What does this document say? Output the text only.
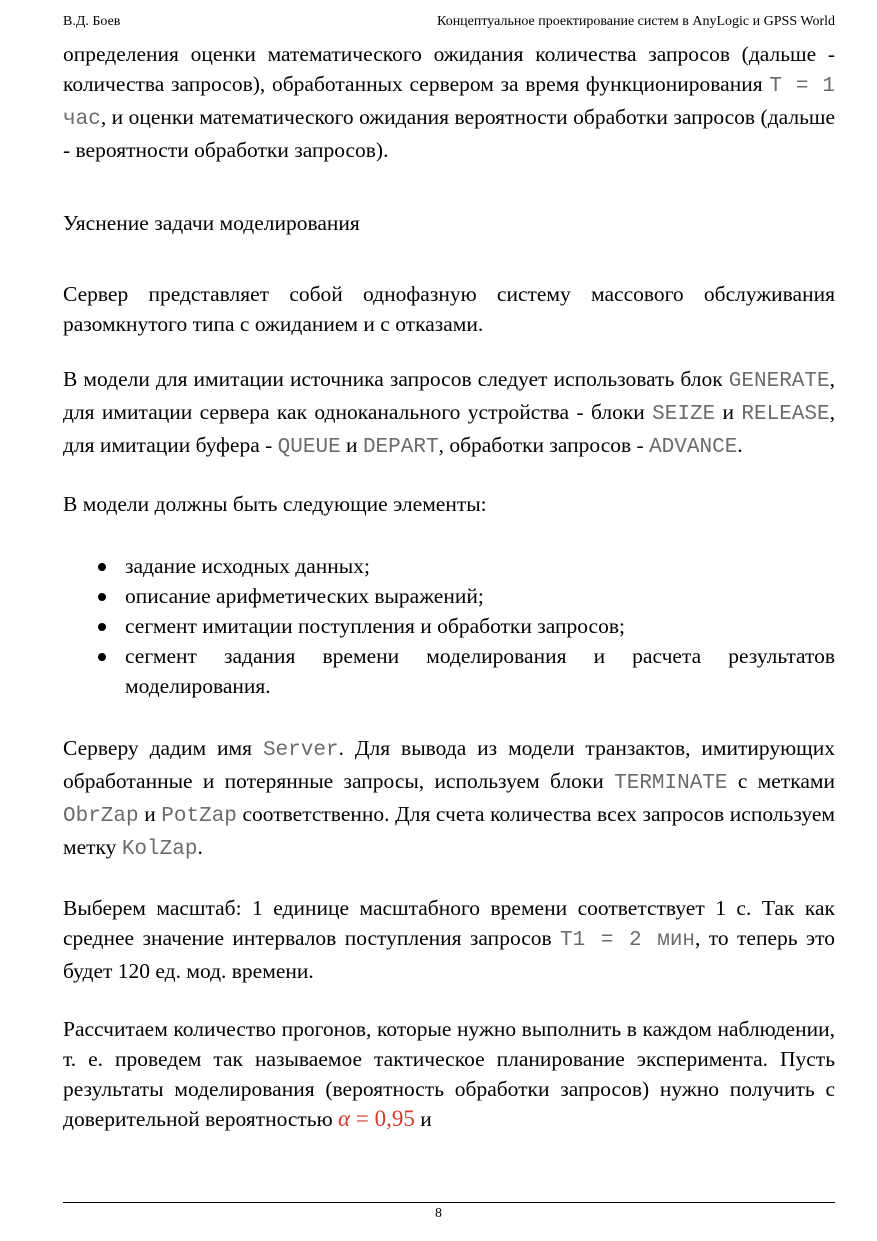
В.Д. Боев	Концептуальное проектирование систем в AnyLogic и GPSS World

определения оценки математического ожидания количества запросов (дальше - количества запросов), обработанных сервером за время функционирования T = 1 час, и оценки математического ожидания вероятности обработки запросов (дальше - вероятности обработки запросов).

Уяснение задачи моделирования

Сервер представляет собой однофазную систему массового обслуживания разомкнутого типа с ожиданием и с отказами.

В модели для имитации источника запросов следует использовать блок GENERATE, для имитации сервера как одноканального устройства - блоки SEIZE и RELEASE, для имитации буфера - QUEUE и DEPART, обработки запросов - ADVANCE.

В модели должны быть следующие элементы:

задание исходных данных;
описание арифметических выражений;
сегмент имитации поступления и обработки запросов;
сегмент задания времени моделирования и расчета результатов моделирования.

Серверу дадим имя Server. Для вывода из модели транзактов, имитирующих обработанные и потерянные запросы, используем блоки TERMINATE с метками ObrZap и PotZap соответственно. Для счета количества всех запросов используем метку KolZap.

Выберем масштаб: 1 единице масштабного времени соответствует 1 с. Так как среднее значение интервалов поступления запросов T1 = 2 мин, то теперь это будет 120 ед. мод. времени.

Рассчитаем количество прогонов, которые нужно выполнить в каждом наблюдении, т. е. проведем так называемое тактическое планирование эксперимента. Пусть результаты моделирования (вероятность обработки запросов) нужно получить с доверительной вероятностью α = 0,95 и

8
